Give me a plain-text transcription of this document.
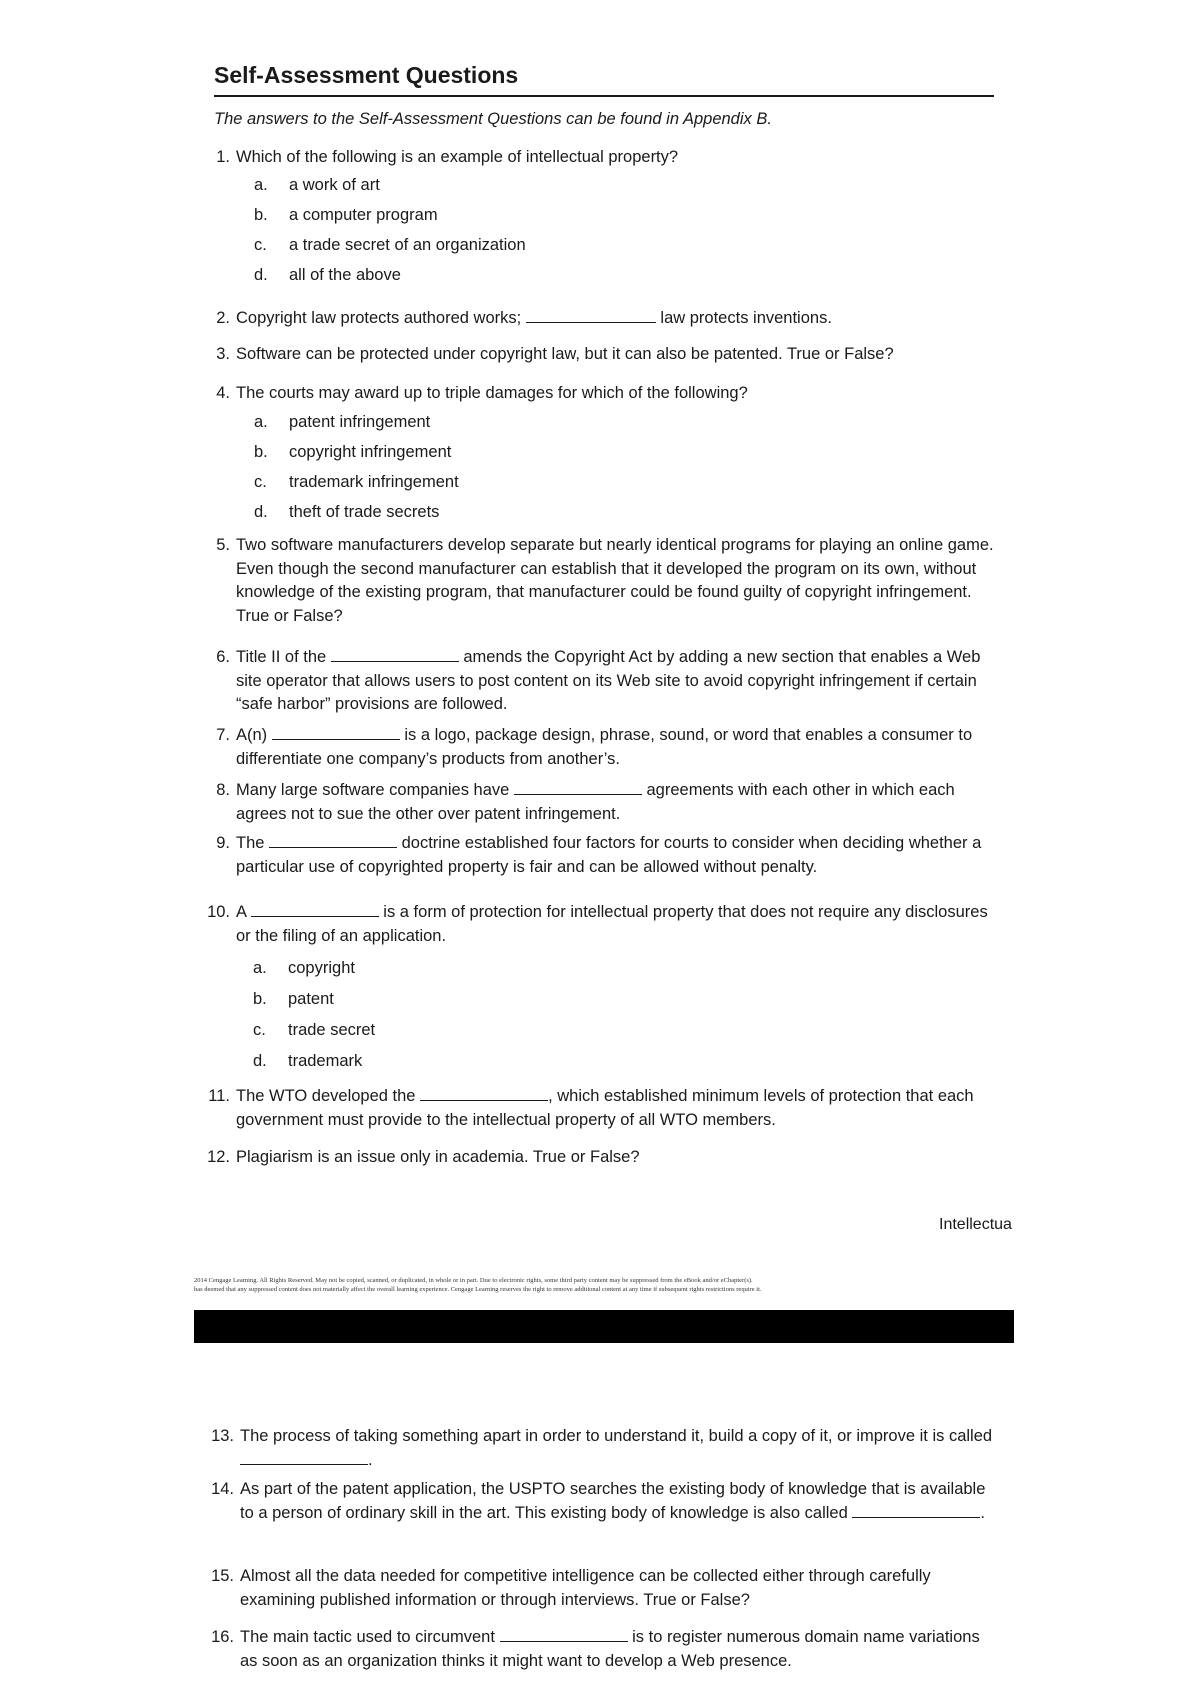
Self-Assessment Questions
The answers to the Self-Assessment Questions can be found in Appendix B.
1. Which of the following is an example of intellectual property?
a. a work of art
b. a computer program
c. a trade secret of an organization
d. all of the above
2. Copyright law protects authored works;	law protects inventions.
3. Software can be protected under copyright law, but it can also be patented. True or False?
4. The courts may award up to triple damages for which of the following?
a. patent infringement
b. copyright infringement
c. trademark infringement
d. theft of trade secrets
5. Two software manufacturers develop separate but nearly identical programs for playing an online game. Even though the second manufacturer can establish that it developed the program on its own, without knowledge of the existing program, that manufacturer could be found guilty of copyright infringement. True or False?
6. Title II of the	amends the Copyright Act by adding a new section that enables a Web site operator that allows users to post content on its Web site to avoid copyright infringement if certain “safe harbor” provisions are followed.
7. A(n)	is a logo, package design, phrase, sound, or word that enables a consumer to differentiate one company’s products from another’s.
8. Many large software companies have	agreements with each other in which each agrees not to sue the other over patent infringement.
9. The	doctrine established four factors for courts to consider when deciding whether a particular use of copyrighted property is fair and can be allowed without penalty.
10. A	is a form of protection for intellectual property that does not require any disclosures or the filing of an application.
a. copyright
b. patent
c. trade secret
d. trademark
11. The WTO developed the	, which established minimum levels of protection that each government must provide to the intellectual property of all WTO members.
12. Plagiarism is an issue only in academia. True or False?
Intellectua
2014 Cengage Learning. All Rights Reserved. May not be copied, scanned, or duplicated, in whole or in part. Due to electronic rights, some third party content may be suppressed from the eBook and/or eChapter(s).
has deemed that any suppressed content does not materially affect the overall learning experience. Cengage Learning reserves the right to remove additional content at any time if subsequent rights restrictions require it.
13. The process of taking something apart in order to understand it, build a copy of it, or improve it is called .
14. As part of the patent application, the USPTO searches the existing body of knowledge that is available to a person of ordinary skill in the art. This existing body of knowledge is also called	.
15. Almost all the data needed for competitive intelligence can be collected either through carefully examining published information or through interviews. True or False?
16. The main tactic used to circumvent	is to register numerous domain name variations as soon as an organization thinks it might want to develop a Web presence.
